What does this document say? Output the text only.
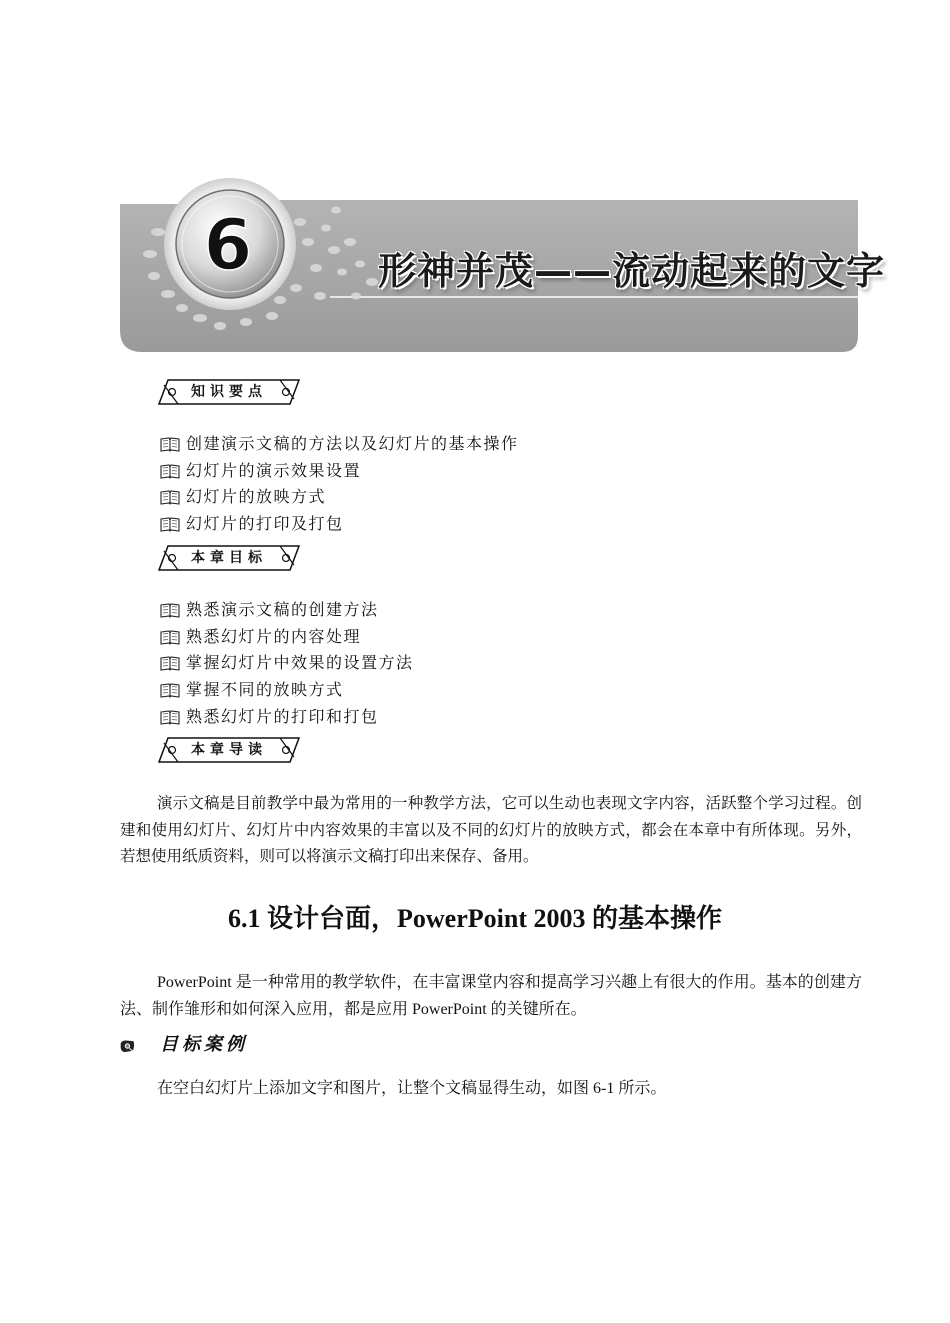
6	形神并茂——流动起来的文字
知识要点
创建演示文稿的方法以及幻灯片的基本操作
幻灯片的演示效果设置
幻灯片的放映方式
幻灯片的打印及打包
本章目标
熟悉演示文稿的创建方法
熟悉幻灯片的内容处理
掌握幻灯片中效果的设置方法
掌握不同的放映方式
熟悉幻灯片的打印和打包
本章导读

演示文稿是目前教学中最为常用的一种教学方法，它可以生动也表现文字内容，活跃整个学习过程。创建和使用幻灯片、幻灯片中内容效果的丰富以及不同的幻灯片的放映方式，都会在本章中有所体现。另外，若想使用纸质资料，则可以将演示文稿打印出来保存、备用。

6.1 设计台面，PowerPoint 2003 的基本操作

PowerPoint 是一种常用的教学软件，在丰富课堂内容和提高学习兴趣上有很大的作用。基本的创建方法、制作雏形和如何深入应用，都是应用 PowerPoint 的关键所在。

目标案例

在空白幻灯片上添加文字和图片，让整个文稿显得生动，如图 6-1 所示。
